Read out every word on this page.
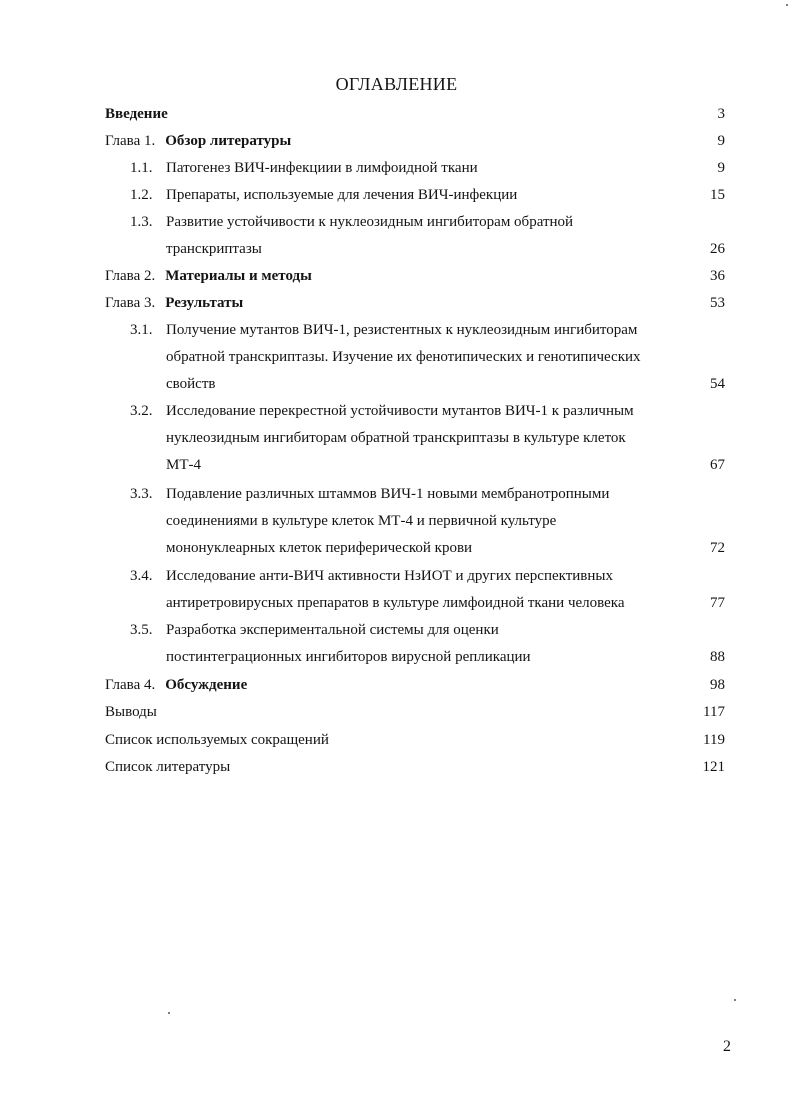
ОГЛАВЛЕНИЕ
Введение	3
Глава 1. Обзор литературы	9
1.1. Патогенез ВИЧ-инфекциии в лимфоидной ткани	9
1.2. Препараты, используемые для лечения ВИЧ-инфекции	15
1.3. Развитие устойчивости к нуклеозидным ингибиторам обратной
транскриптазы	26
Глава 2. Материалы и методы	36
Глава 3. Результаты	53
3.1. Получение мутантов ВИЧ-1, резистентных к нуклеозидным ингибиторам
обратной транскриптазы. Изучение их фенотипических и генотипических
свойств	54
3.2. Исследование перекрестной устойчивости мутантов ВИЧ-1 к различным
нуклеозидным ингибиторам обратной транскриптазы в культуре клеток
МТ-4	67
3.3. Подавление различных штаммов ВИЧ-1 новыми мембранотропными
соединениями в культуре клеток МТ-4 и первичной культуре
мононуклеарных клеток периферической крови	72
3.4. Исследование анти-ВИЧ активности НзИОТ и других перспективных
антиретровирусных препаратов в культуре лимфоидной ткани человека	77
3.5. Разработка экспериментальной системы для оценки
постинтеграционных ингибиторов вирусной репликации	88
Глава 4. Обсуждение	98
Выводы	117
Список используемых сокращений	119
Список литературы	121
2
